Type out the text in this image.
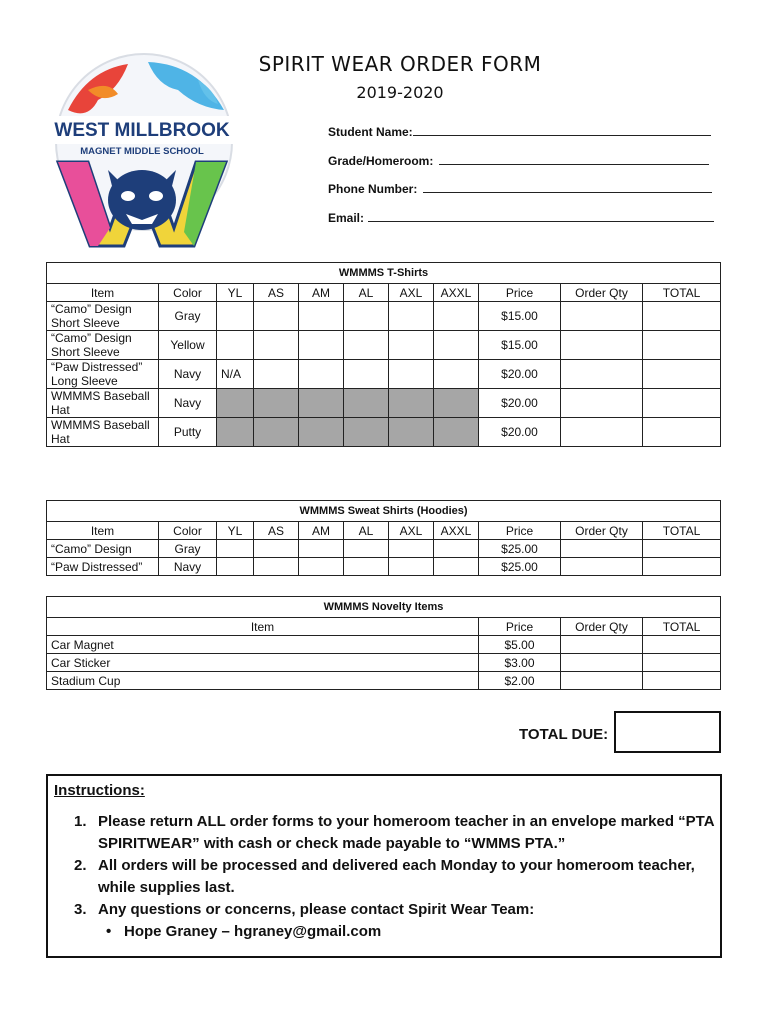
WEST MILLBROOK
MAGNET MIDDLE SCHOOL
SPIRIT WEAR ORDER FORM
2019-2020
Student Name:
Grade/Homeroom:
Phone Number:
Email:
WMMMS T-Shirts										
Item	Color	YL	AS	AM	AL	AXL	AXXL	Price	Order Qty	TOTAL
“Camo” Design Short Sleeve	Gray							$15.00		
“Camo” Design Short Sleeve	Yellow							$15.00		
“Paw Distressed” Long Sleeve	Navy	N/A						$20.00		
WMMMS Baseball Hat	Navy							$20.00		
WMMMS Baseball Hat	Putty							$20.00		
WMMMS Sweat Shirts (Hoodies)										
Item	Color	YL	AS	AM	AL	AXL	AXXL	Price	Order Qty	TOTAL
“Camo” Design	Gray							$25.00		
“Paw Distressed”	Navy							$25.00		
WMMMS Novelty Items			
Item	Price	Order Qty	TOTAL
Car Magnet	$5.00		
Car Sticker	$3.00		
Stadium Cup	$2.00		
TOTAL DUE:
Instructions:
1. Please return ALL order forms to your homeroom teacher in an envelope marked “PTA SPIRITWEAR” with cash or check made payable to “WMMS PTA.”
2. All orders will be processed and delivered each Monday to your homeroom teacher, while supplies last.
3. Any questions or concerns, please contact Spirit Wear Team:
• Hope Graney – hgraney@gmail.com
